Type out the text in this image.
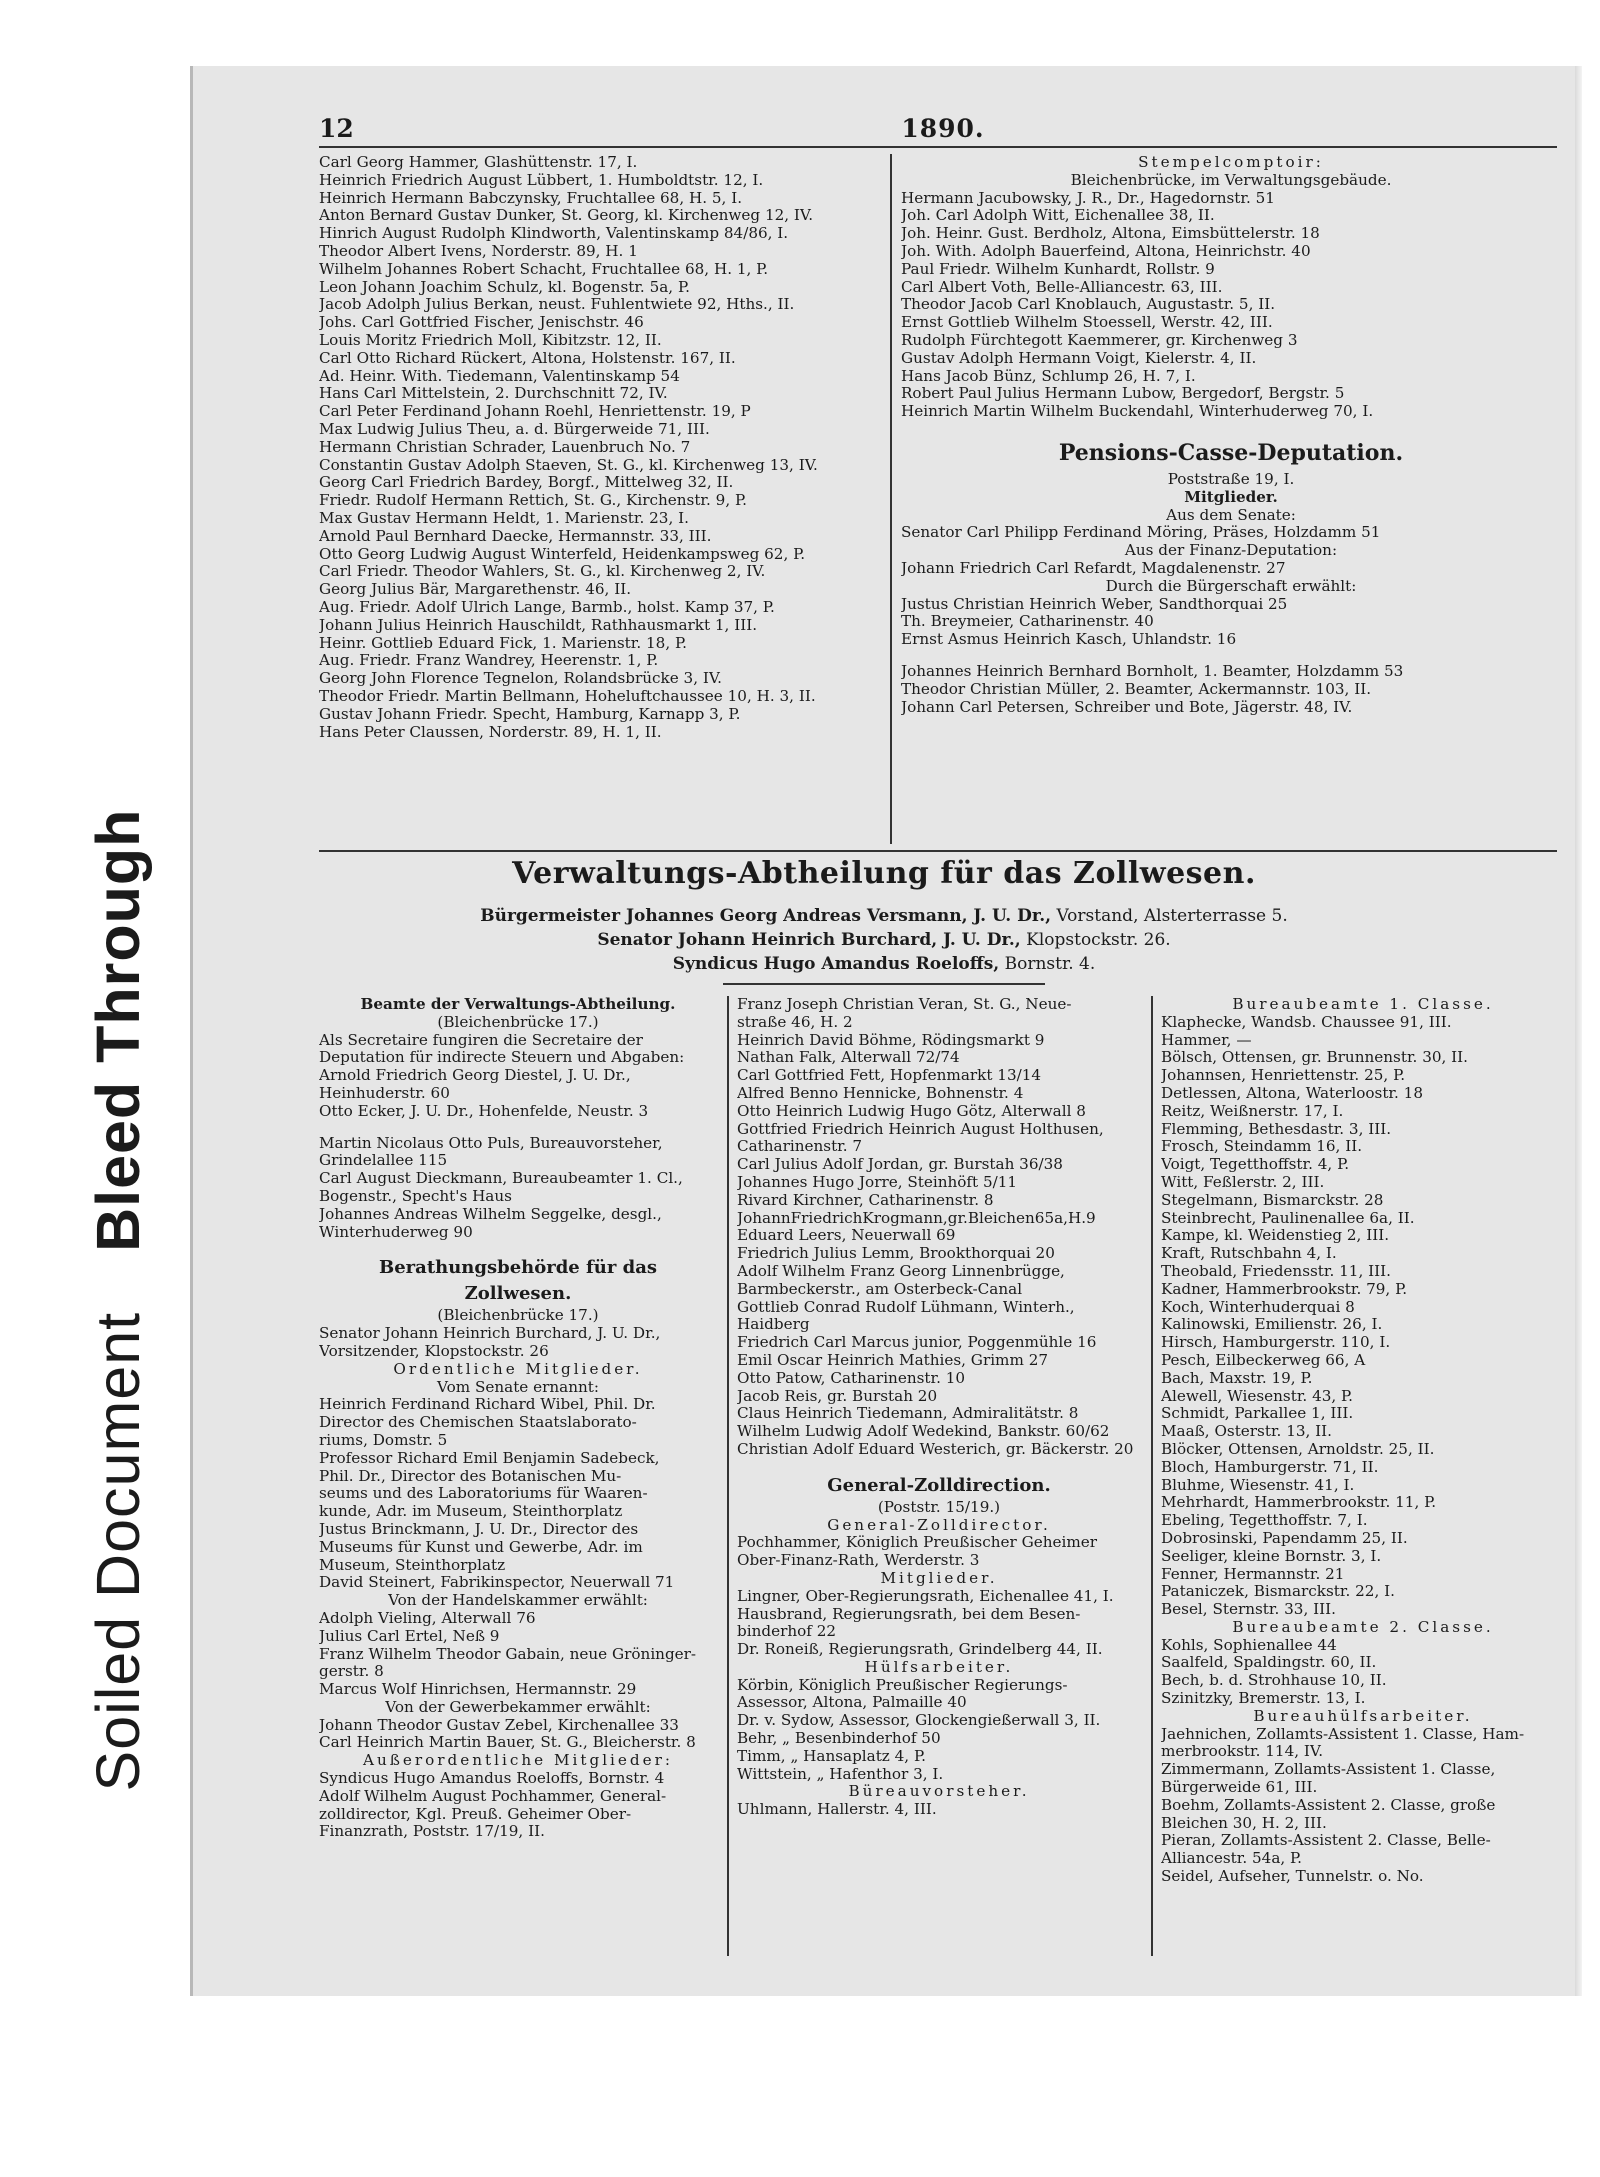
Soiled DocumentBleed Through
12	1890.
Carl Georg Hammer, Glashüttenstr. 17, I.
Heinrich Friedrich August Lübbert, 1. Humboldtstr. 12, I.
Heinrich Hermann Babczynsky, Fruchtallee 68, H. 5, I.
Anton Bernard Gustav Dunker, St. Georg, kl. Kirchenweg 12, IV.
Hinrich August Rudolph Klindworth, Valentinskamp 84/86, I.
Theodor Albert Ivens, Norderstr. 89, H. 1
Wilhelm Johannes Robert Schacht, Fruchtallee 68, H. 1, P.
Leon Johann Joachim Schulz, kl. Bogenstr. 5a, P.
Jacob Adolph Julius Berkan, neust. Fuhlentwiete 92, Hths., II.
Johs. Carl Gottfried Fischer, Jenischstr. 46
Louis Moritz Friedrich Moll, Kibitzstr. 12, II.
Carl Otto Richard Rückert, Altona, Holstenstr. 167, II.
Ad. Heinr. With. Tiedemann, Valentinskamp 54
Hans Carl Mittelstein, 2. Durchschnitt 72, IV.
Carl Peter Ferdinand Johann Roehl, Henriettenstr. 19, P
Max Ludwig Julius Theu, a. d. Bürgerweide 71, III.
Hermann Christian Schrader, Lauenbruch No. 7
Constantin Gustav Adolph Staeven, St. G., kl. Kirchenweg 13, IV.
Georg Carl Friedrich Bardey, Borgf., Mittelweg 32, II.
Friedr. Rudolf Hermann Rettich, St. G., Kirchenstr. 9, P.
Max Gustav Hermann Heldt, 1. Marienstr. 23, I.
Arnold Paul Bernhard Daecke, Hermannstr. 33, III.
Otto Georg Ludwig August Winterfeld, Heidenkampsweg 62, P.
Carl Friedr. Theodor Wahlers, St. G., kl. Kirchenweg 2, IV.
Georg Julius Bär, Margarethenstr. 46, II.
Aug. Friedr. Adolf Ulrich Lange, Barmb., holst. Kamp 37, P.
Johann Julius Heinrich Hauschildt, Rathhausmarkt 1, III.
Heinr. Gottlieb Eduard Fick, 1. Marienstr. 18, P.
Aug. Friedr. Franz Wandrey, Heerenstr. 1, P.
Georg John Florence Tegnelon, Rolandsbrücke 3, IV.
Theodor Friedr. Martin Bellmann, Hoheluftchaussee 10, H. 3, II.
Gustav Johann Friedr. Specht, Hamburg, Karnapp 3, P.
Hans Peter Claussen, Norderstr. 89, H. 1, II.
Stempelcomptoir:
Bleichenbrücke, im Verwaltungsgebäude.
Hermann Jacubowsky, J. R., Dr., Hagedornstr. 51
Joh. Carl Adolph Witt, Eichenallee 38, II.
Joh. Heinr. Gust. Berdholz, Altona, Eimsbüttelerstr. 18
Joh. With. Adolph Bauerfeind, Altona, Heinrichstr. 40
Paul Friedr. Wilhelm Kunhardt, Rollstr. 9
Carl Albert Voth, Belle-Alliancestr. 63, III.
Theodor Jacob Carl Knoblauch, Augustastr. 5, II.
Ernst Gottlieb Wilhelm Stoessell, Werstr. 42, III.
Rudolph Fürchtegott Kaemmerer, gr. Kirchenweg 3
Gustav Adolph Hermann Voigt, Kielerstr. 4, II.
Hans Jacob Bünz, Schlump 26, H. 7, I.
Robert Paul Julius Hermann Lubow, Bergedorf, Bergstr. 5
Heinrich Martin Wilhelm Buckendahl, Winterhuderweg 70, I.
Pensions-Casse-Deputation.
Poststraße 19, I.
Mitglieder.
Aus dem Senate:
Senator Carl Philipp Ferdinand Möring, Präses, Holzdamm 51
Aus der Finanz-Deputation:
Johann Friedrich Carl Refardt, Magdalenenstr. 27
Durch die Bürgerschaft erwählt:
Justus Christian Heinrich Weber, Sandthorquai 25
Th. Breymeier, Catharinenstr. 40
Ernst Asmus Heinrich Kasch, Uhlandstr. 16
Johannes Heinrich Bernhard Bornholt, 1. Beamter, Holzdamm 53
Theodor Christian Müller, 2. Beamter, Ackermannstr. 103, II.
Johann Carl Petersen, Schreiber und Bote, Jägerstr. 48, IV.
Verwaltungs-Abtheilung für das Zollwesen.
Bürgermeister Johannes Georg Andreas Versmann, J. U. Dr., Vorstand, Alsterterrasse 5.
Senator Johann Heinrich Burchard, J. U. Dr., Klopstockstr. 26.
Syndicus Hugo Amandus Roeloffs, Bornstr. 4.
Beamte der Verwaltungs-Abtheilung.
(Bleichenbrücke 17.)
Als Secretaire fungiren die Secretaire der
Deputation für indirecte Steuern und Abgaben:
Arnold Friedrich Georg Diestel, J. U. Dr.,
Heinhuderstr. 60
Otto Ecker, J. U. Dr., Hohenfelde, Neustr. 3
Martin Nicolaus Otto Puls, Bureauvorsteher,
Grindelallee 115
Carl August Dieckmann, Bureaubeamter 1. Cl.,
Bogenstr., Specht's Haus
Johannes Andreas Wilhelm Seggelke, desgl.,
Winterhuderweg 90
Berathungsbehörde für das
Zollwesen.
(Bleichenbrücke 17.)
Senator Johann Heinrich Burchard, J. U. Dr.,
Vorsitzender, Klopstockstr. 26
Ordentliche Mitglieder.
Vom Senate ernannt:
Heinrich Ferdinand Richard Wibel, Phil. Dr.
Director des Chemischen Staatslaborato-
riums, Domstr. 5
Professor Richard Emil Benjamin Sadebeck,
Phil. Dr., Director des Botanischen Mu-
seums und des Laboratoriums für Waaren-
kunde, Adr. im Museum, Steinthorplatz
Justus Brinckmann, J. U. Dr., Director des
Museums für Kunst und Gewerbe, Adr. im
Museum, Steinthorplatz
David Steinert, Fabrikinspector, Neuerwall 71
Von der Handelskammer erwählt:
Adolph Vieling, Alterwall 76
Julius Carl Ertel, Neß 9
Franz Wilhelm Theodor Gabain, neue Gröninger-
gerstr. 8
Marcus Wolf Hinrichsen, Hermannstr. 29
Von der Gewerbekammer erwählt:
Johann Theodor Gustav Zebel, Kirchenallee 33
Carl Heinrich Martin Bauer, St. G., Bleicherstr. 8
Außerordentliche Mitglieder:
Syndicus Hugo Amandus Roeloffs, Bornstr. 4
Adolf Wilhelm August Pochhammer, General-
zolldirector, Kgl. Preuß. Geheimer Ober-
Finanzrath, Poststr. 17/19, II.
Franz Joseph Christian Veran, St. G., Neue-
straße 46, H. 2
Heinrich David Böhme, Rödingsmarkt 9
Nathan Falk, Alterwall 72/74
Carl Gottfried Fett, Hopfenmarkt 13/14
Alfred Benno Hennicke, Bohnenstr. 4
Otto Heinrich Ludwig Hugo Götz, Alterwall 8
Gottfried Friedrich Heinrich August Holthusen,
Catharinenstr. 7
Carl Julius Adolf Jordan, gr. Burstah 36/38
Johannes Hugo Jorre, Steinhöft 5/11
Rivard Kirchner, Catharinenstr. 8
JohannFriedrichKrogmann,gr.Bleichen65a,H.9
Eduard Leers, Neuerwall 69
Friedrich Julius Lemm, Brookthorquai 20
Adolf Wilhelm Franz Georg Linnenbrügge,
Barmbeckerstr., am Osterbeck-Canal
Gottlieb Conrad Rudolf Lühmann, Winterh.,
Haidberg
Friedrich Carl Marcus junior, Poggenmühle 16
Emil Oscar Heinrich Mathies, Grimm 27
Otto Patow, Catharinenstr. 10
Jacob Reis, gr. Burstah 20
Claus Heinrich Tiedemann, Admiralitätstr. 8
Wilhelm Ludwig Adolf Wedekind, Bankstr. 60/62
Christian Adolf Eduard Westerich, gr. Bäckerstr. 20
General-Zolldirection.
(Poststr. 15/19.)
General-Zolldirector.
Pochhammer, Königlich Preußischer Geheimer
Ober-Finanz-Rath, Werderstr. 3
Mitglieder.
Lingner, Ober-Regierungsrath, Eichenallee 41, I.
Hausbrand, Regierungsrath, bei dem Besen-
binderhof 22
Dr. Roneiß, Regierungsrath, Grindelberg 44, II.
Hülfsarbeiter.
Körbin, Königlich Preußischer Regierungs-
Assessor, Altona, Palmaille 40
Dr. v. Sydow, Assessor, Glockengießerwall 3, II.
Behr, „ Besenbinderhof 50
Timm, „ Hansaplatz 4, P.
Wittstein, „ Hafenthor 3, I.
Büreauvorsteher.
Uhlmann, Hallerstr. 4, III.
Bureaubeamte 1. Classe.
Klaphecke, Wandsb. Chaussee 91, III.
Hammer, —
Bölsch, Ottensen, gr. Brunnenstr. 30, II.
Johannsen, Henriettenstr. 25, P.
Detlessen, Altona, Waterloostr. 18
Reitz, Weißnerstr. 17, I.
Flemming, Bethesdastr. 3, III.
Frosch, Steindamm 16, II.
Voigt, Tegetthoffstr. 4, P.
Witt, Feßlerstr. 2, III.
Stegelmann, Bismarckstr. 28
Steinbrecht, Paulinenallee 6a, II.
Kampe, kl. Weidenstieg 2, III.
Kraft, Rutschbahn 4, I.
Theobald, Friedensstr. 11, III.
Kadner, Hammerbrookstr. 79, P.
Koch, Winterhuderquai 8
Kalinowski, Emilienstr. 26, I.
Hirsch, Hamburgerstr. 110, I.
Pesch, Eilbeckerweg 66, A
Bach, Maxstr. 19, P.
Alewell, Wiesenstr. 43, P.
Schmidt, Parkallee 1, III.
Maaß, Osterstr. 13, II.
Blöcker, Ottensen, Arnoldstr. 25, II.
Bloch, Hamburgerstr. 71, II.
Bluhme, Wiesenstr. 41, I.
Mehrhardt, Hammerbrookstr. 11, P.
Ebeling, Tegetthoffstr. 7, I.
Dobrosinski, Papendamm 25, II.
Seeliger, kleine Bornstr. 3, I.
Fenner, Hermannstr. 21
Pataniczek, Bismarckstr. 22, I.
Besel, Sternstr. 33, III.
Bureaubeamte 2. Classe.
Kohls, Sophienallee 44
Saalfeld, Spaldingstr. 60, II.
Bech, b. d. Strohhause 10, II.
Szinitzky, Bremerstr. 13, I.
Bureauhülfsarbeiter.
Jaehnichen, Zollamts-Assistent 1. Classe, Ham-
merbrookstr. 114, IV.
Zimmermann, Zollamts-Assistent 1. Classe,
Bürgerweide 61, III.
Boehm, Zollamts-Assistent 2. Classe, große
Bleichen 30, H. 2, III.
Pieran, Zollamts-Assistent 2. Classe, Belle-
Alliancestr. 54a, P.
Seidel, Aufseher, Tunnelstr. o. No.
